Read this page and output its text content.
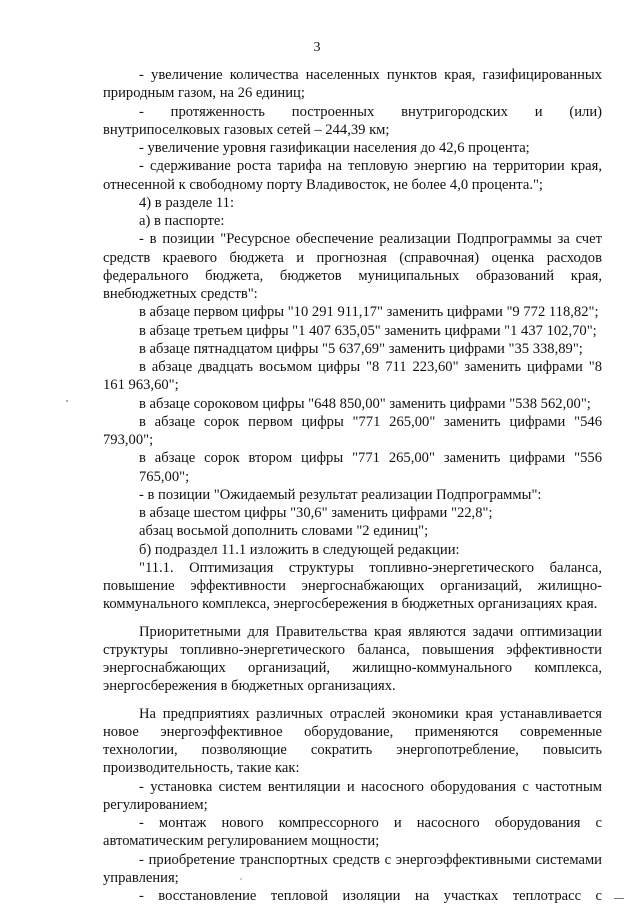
3

- увеличение количества населенных пунктов края, газифицированных природным газом, на 26 единиц;

- протяженность построенных внутригородских и (или) внутрипоселковых газовых сетей – 244,39 км;

- увеличение уровня газификации населения до 42,6 процента;

- сдерживание роста тарифа на тепловую энергию на территории края, отнесенной к свободному порту Владивосток, не более 4,0 процента.";

4) в разделе 11:

а) в паспорте:

- в позиции "Ресурсное обеспечение реализации Подпрограммы за счет средств краевого бюджета и прогнозная (справочная) оценка расходов федерального бюджета, бюджетов муниципальных образований края, внебюджетных средств":

в абзаце первом цифры "10 291 911,17" заменить цифрами "9 772 118,82";

в абзаце третьем цифры "1 407 635,05" заменить цифрами "1 437 102,70";

в абзаце пятнадцатом цифры "5 637,69" заменить цифрами "35 338,89";

в абзаце двадцать восьмом цифры "8 711 223,60" заменить цифрами "8 161 963,60";

в абзаце сороковом цифры "648 850,00" заменить цифрами "538 562,00";

в абзаце сорок первом цифры "771 265,00" заменить цифрами "546 793,00";

в абзаце сорок втором цифры "771 265,00" заменить цифрами "556 765,00";

- в позиции "Ожидаемый результат реализации Подпрограммы":

в абзаце шестом цифры "30,6" заменить цифрами "22,8";

абзац восьмой дополнить словами "2 единиц";

б) подраздел 11.1 изложить в следующей редакции:

"11.1. Оптимизация структуры топливно-энергетического баланса, повышение эффективности энергоснабжающих организаций, жилищно-коммунального комплекса, энергосбережения в бюджетных организациях края.

Приоритетными для Правительства края являются задачи оптимизации структуры топливно-энергетического баланса, повышения эффективности энергоснабжающих организаций, жилищно-коммунального комплекса, энергосбережения в бюджетных организациях.

На предприятиях различных отраслей экономики края устанавливается новое энергоэффективное оборудование, применяются современные технологии, позволяющие сократить энергопотребление, повысить производительность, такие как:

- установка систем вентиляции и насосного оборудования с частотным регулированием;

- монтаж нового компрессорного и насосного оборудования с автоматическим регулированием мощности;

- приобретение транспортных средств с энергоэффективными системами управления;

- восстановление тепловой изоляции на участках теплотрасс с
